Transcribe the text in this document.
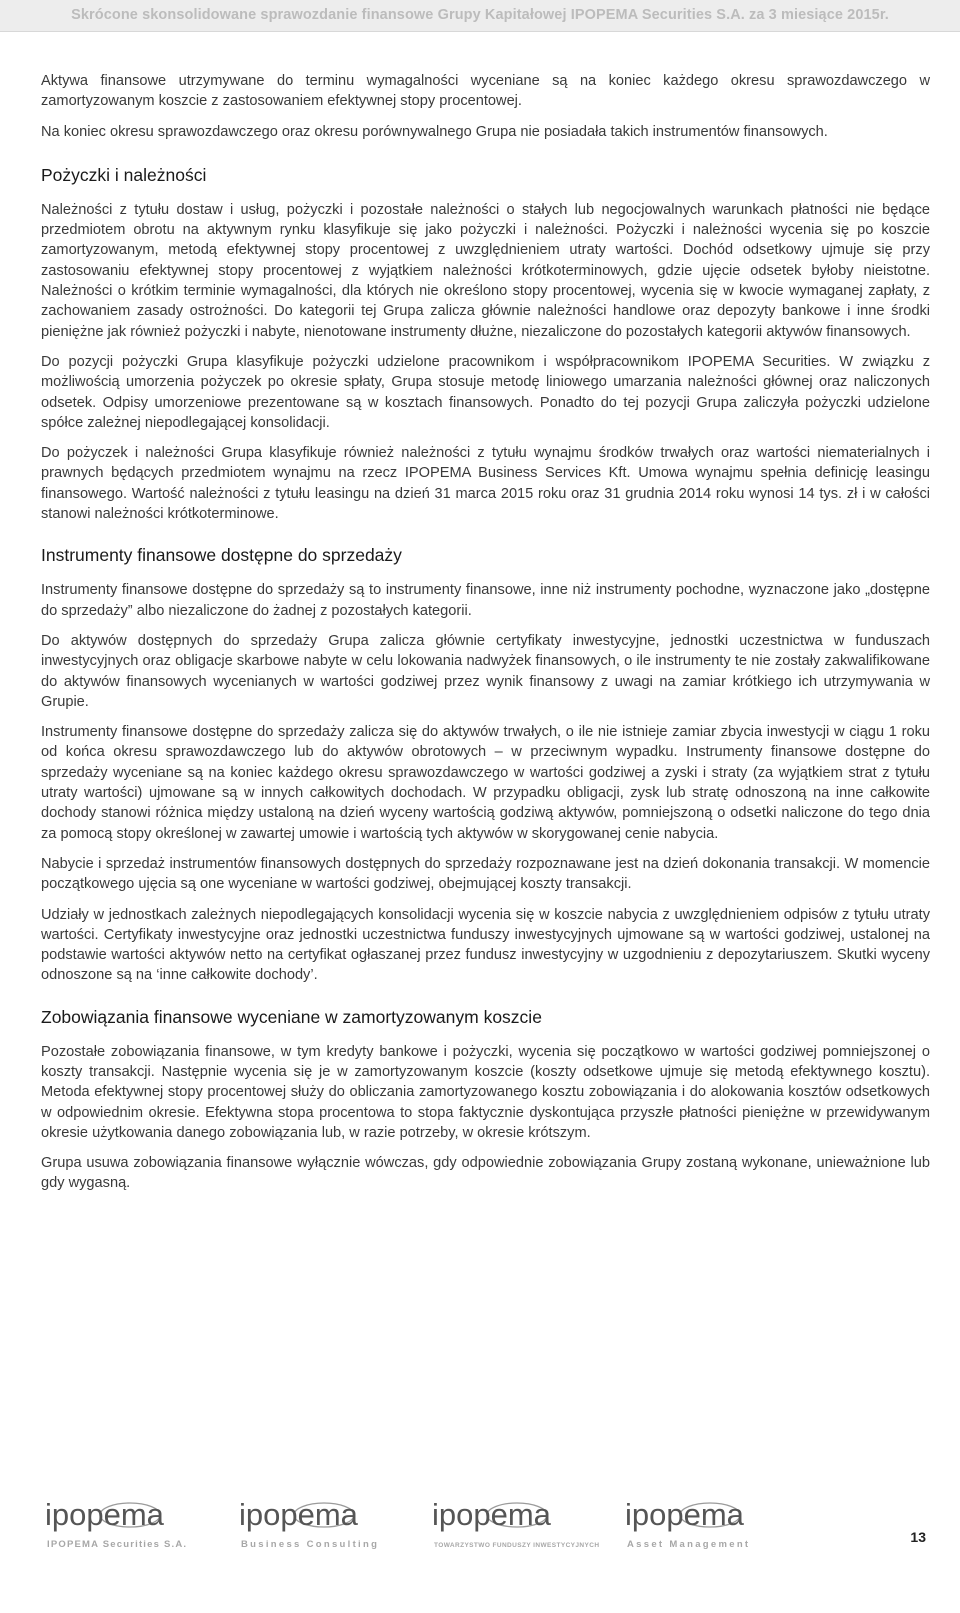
Skrócone skonsolidowane sprawozdanie finansowe Grupy Kapitałowej IPOPEMA Securities S.A. za 3 miesiące 2015r.

Aktywa finansowe utrzymywane do terminu wymagalności wyceniane są na koniec każdego okresu sprawozdawczego w zamortyzowanym koszcie z zastosowaniem efektywnej stopy procentowej.

Na koniec okresu sprawozdawczego oraz okresu porównywalnego Grupa nie posiadała takich instrumentów finansowych.

Pożyczki i należności

Należności z tytułu dostaw i usług, pożyczki i pozostałe należności o stałych lub negocjowalnych warunkach płatności nie będące przedmiotem obrotu na aktywnym rynku klasyfikuje się jako pożyczki i należności. Pożyczki i należności wycenia się po koszcie zamortyzowanym, metodą efektywnej stopy procentowej z uwzględnieniem utraty wartości. Dochód odsetkowy ujmuje się przy zastosowaniu efektywnej stopy procentowej z wyjątkiem należności krótkoterminowych, gdzie ujęcie odsetek byłoby nieistotne. Należności o krótkim terminie wymagalności, dla których nie określono stopy procentowej, wycenia się w kwocie wymaganej zapłaty, z zachowaniem zasady ostrożności. Do kategorii tej Grupa zalicza głównie należności handlowe oraz depozyty bankowe i inne środki pieniężne jak również pożyczki i nabyte, nienotowane instrumenty dłużne, niezaliczone do pozostałych kategorii aktywów finansowych.

Do pozycji pożyczki Grupa klasyfikuje pożyczki udzielone pracownikom i współpracownikom IPOPEMA Securities. W związku z możliwością umorzenia pożyczek po okresie spłaty, Grupa stosuje metodę liniowego umarzania należności głównej oraz naliczonych odsetek. Odpisy umorzeniowe prezentowane są w kosztach finansowych. Ponadto do tej pozycji Grupa zaliczyła pożyczki udzielone spółce zależnej niepodlegającej konsolidacji.

Do pożyczek i należności Grupa klasyfikuje również należności z tytułu wynajmu środków trwałych oraz wartości niematerialnych i prawnych będących przedmiotem wynajmu na rzecz IPOPEMA Business Services Kft. Umowa wynajmu spełnia definicję leasingu finansowego. Wartość należności z tytułu leasingu na dzień 31 marca 2015 roku oraz 31 grudnia 2014 roku wynosi 14 tys. zł i w całości stanowi należności krótkoterminowe.

Instrumenty finansowe dostępne do sprzedaży

Instrumenty finansowe dostępne do sprzedaży są to instrumenty finansowe, inne niż instrumenty pochodne, wyznaczone jako „dostępne do sprzedaży” albo niezaliczone do żadnej z pozostałych kategorii.

Do aktywów dostępnych do sprzedaży Grupa zalicza głównie certyfikaty inwestycyjne, jednostki uczestnictwa w funduszach inwestycyjnych oraz obligacje skarbowe nabyte w celu lokowania nadwyżek finansowych, o ile instrumenty te nie zostały zakwalifikowane do aktywów finansowych wycenianych w wartości godziwej przez wynik finansowy z uwagi na zamiar krótkiego ich utrzymywania w Grupie.

Instrumenty finansowe dostępne do sprzedaży zalicza się do aktywów trwałych, o ile nie istnieje zamiar zbycia inwestycji w ciągu 1 roku od końca okresu sprawozdawczego lub do aktywów obrotowych – w przeciwnym wypadku. Instrumenty finansowe dostępne do sprzedaży wyceniane są na koniec każdego okresu sprawozdawczego w wartości godziwej a zyski i straty (za wyjątkiem strat z tytułu utraty wartości) ujmowane są w innych całkowitych dochodach. W przypadku obligacji, zysk lub stratę odnoszoną na inne całkowite dochody stanowi różnica między ustaloną na dzień wyceny wartością godziwą aktywów, pomniejszoną o odsetki naliczone do tego dnia za pomocą stopy określonej w zawartej umowie i wartością tych aktywów w skorygowanej cenie nabycia.

Nabycie i sprzedaż instrumentów finansowych dostępnych do sprzedaży rozpoznawane jest na dzień dokonania transakcji. W momencie początkowego ujęcia są one wyceniane w wartości godziwej, obejmującej koszty transakcji.

Udziały w jednostkach zależnych niepodlegających konsolidacji wycenia się w koszcie nabycia z uwzględnieniem odpisów z tytułu utraty wartości. Certyfikaty inwestycyjne oraz jednostki uczestnictwa funduszy inwestycyjnych ujmowane są w wartości godziwej, ustalonej na podstawie wartości aktywów netto na certyfikat ogłaszanej przez fundusz inwestycyjny w uzgodnieniu z depozytariuszem. Skutki wyceny odnoszone są na ‘inne całkowite dochody’.

Zobowiązania finansowe wyceniane w zamortyzowanym koszcie

Pozostałe zobowiązania finansowe, w tym kredyty bankowe i pożyczki, wycenia się początkowo w wartości godziwej pomniejszonej o koszty transakcji. Następnie wycenia się je w zamortyzowanym koszcie (koszty odsetkowe ujmuje się metodą efektywnego kosztu). Metoda efektywnej stopy procentowej służy do obliczania zamortyzowanego kosztu zobowiązania i do alokowania kosztów odsetkowych w odpowiednim okresie. Efektywna stopa procentowa to stopa faktycznie dyskontująca przyszłe płatności pieniężne w przewidywanym okresie użytkowania danego zobowiązania lub, w razie potrzeby, w okresie krótszym.

Grupa usuwa zobowiązania finansowe wyłącznie wówczas, gdy odpowiednie zobowiązania Grupy zostaną wykonane, unieważnione lub gdy wygasną.

ipopema
IPOPEMA Securities S.A.
ipopema
Business Consulting
ipopema
TOWARZYSTWO FUNDUSZY INWESTYCYJNYCH
ipopema
Asset Management	13
